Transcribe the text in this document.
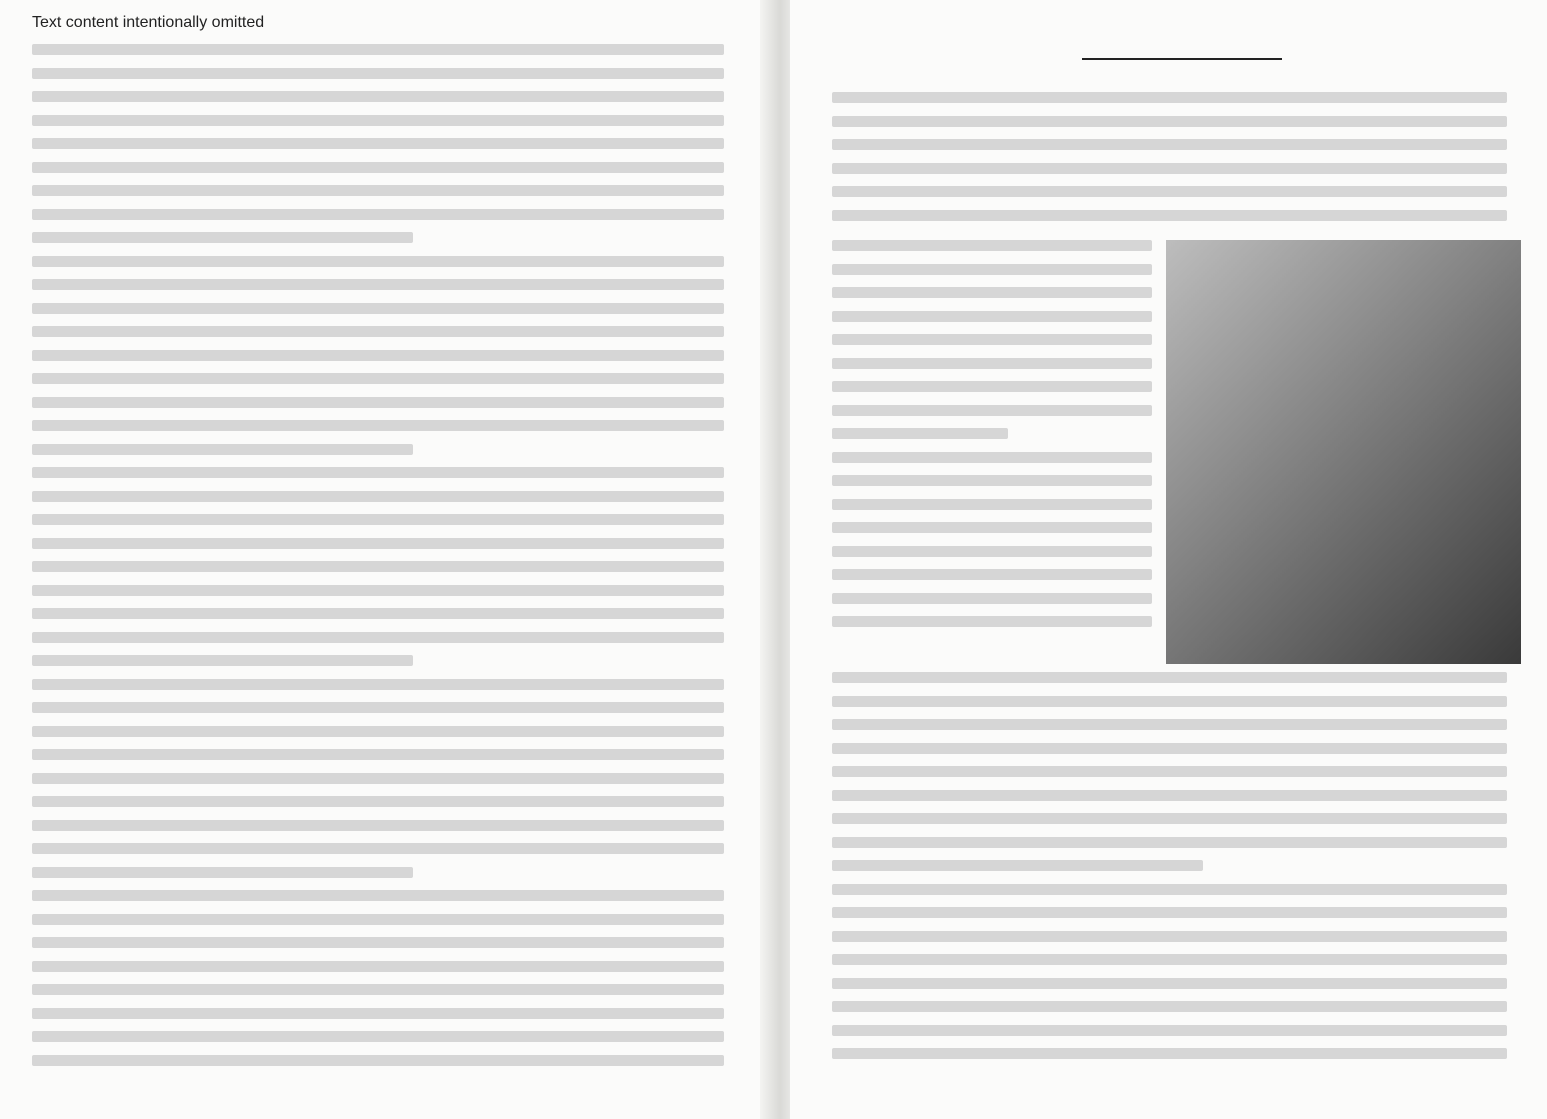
Text content intentionally omitted
